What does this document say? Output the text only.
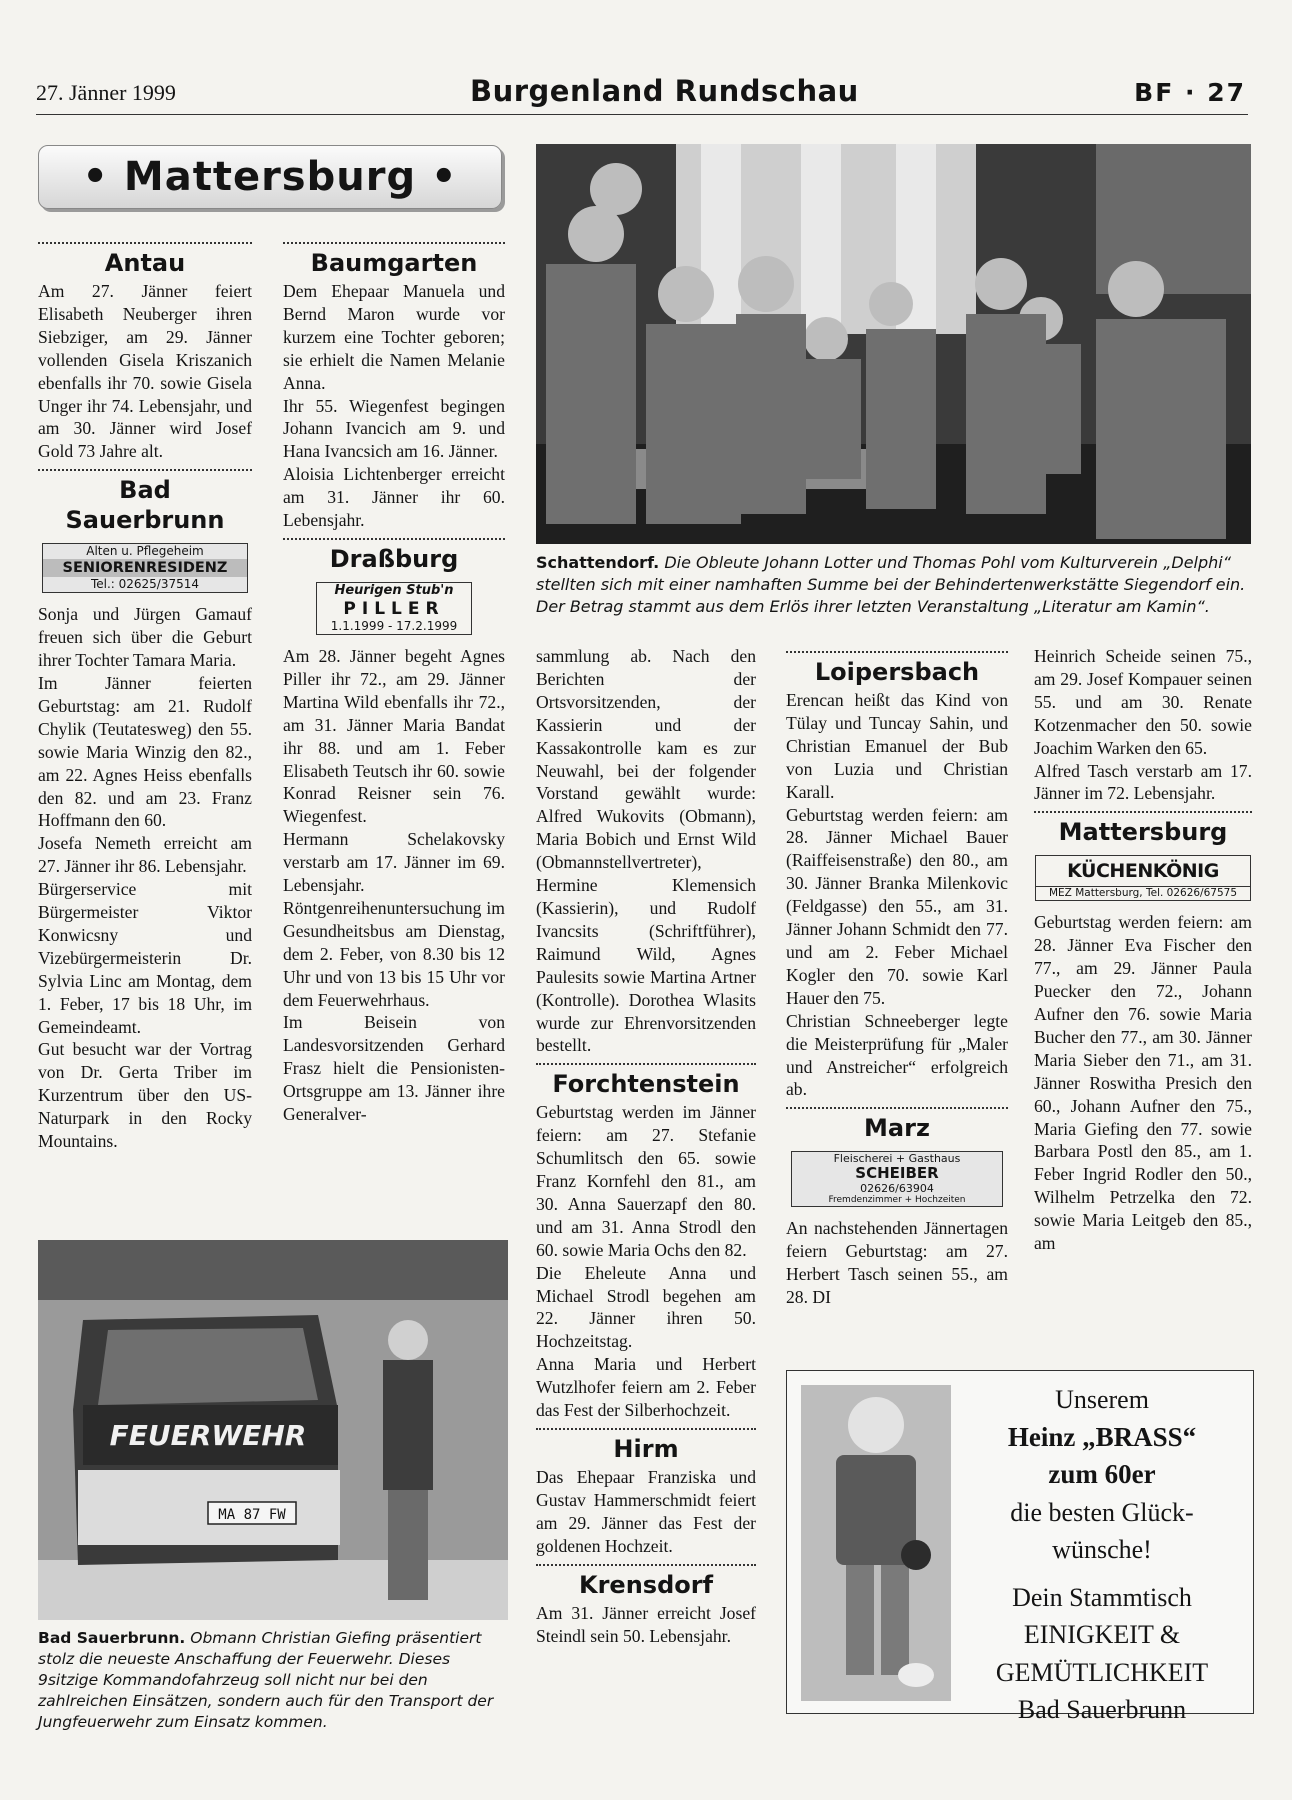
27. Jänner 1999	Burgenland Rundschau	BF · 27
• Mattersburg •
Antau

Am 27. Jänner feiert Elisabeth Neuberger ihren Siebziger, am 29. Jänner vollenden Gisela Kriszanich ebenfalls ihr 70. sowie Gisela Unger ihr 74. Lebensjahr, und am 30. Jänner wird Josef Gold 73 Jahre alt.

Bad Sauerbrunn
Alten u. Pflegeheim
SENIORENRESIDENZ
Tel.: 02625/37514

Sonja und Jürgen Gamauf freuen sich über die Geburt ihrer Tochter Tamara Maria.

Im Jänner feierten Geburtstag: am 21. Rudolf Chylik (Teutatesweg) den 55. sowie Maria Winzig den 82., am 22. Agnes Heiss ebenfalls den 82. und am 23. Franz Hoffmann den 60.

Josefa Nemeth erreicht am 27. Jänner ihr 86. Lebensjahr.

Bürgerservice mit Bürgermeister Viktor Konwicsny und Vizebürgermeisterin Dr. Sylvia Linc am Montag, dem 1. Feber, 17 bis 18 Uhr, im Gemeindeamt.

Gut besucht war der Vortrag von Dr. Gerta Triber im Kurzentrum über den US-Naturpark in den Rocky Mountains.

Baumgarten

Dem Ehepaar Manuela und Bernd Maron wurde vor kurzem eine Tochter geboren; sie erhielt die Namen Melanie Anna.

Ihr 55. Wiegenfest begingen Johann Ivancich am 9. und Hana Ivancsich am 16. Jänner.

Aloisia Lichtenberger erreicht am 31. Jänner ihr 60. Lebensjahr.

Draßburg
Heurigen Stub'n
PILLER
1.1.1999 - 17.2.1999

Am 28. Jänner begeht Agnes Piller ihr 72., am 29. Jänner Martina Wild ebenfalls ihr 72., am 31. Jänner Maria Bandat ihr 88. und am 1. Feber Elisabeth Teutsch ihr 60. sowie Konrad Reisner sein 76. Wiegenfest.

Hermann Schelakovsky verstarb am 17. Jänner im 69. Lebensjahr.

Röntgenreihenuntersuchung im Gesundheitsbus am Dienstag, dem 2. Feber, von 8.30 bis 12 Uhr und von 13 bis 15 Uhr vor dem Feuerwehrhaus.

Im Beisein von Landesvorsitzenden Gerhard Frasz hielt die Pensionisten-Ortsgruppe am 13. Jänner ihre Generalver-

Schattendorf. Die Obleute Johann Lotter und Thomas Pohl vom Kulturverein „Delphi“ stellten sich mit einer namhaften Summe bei der Behindertenwerkstätte Siegendorf ein. Der Betrag stammt aus dem Erlös ihrer letzten Veranstaltung „Literatur am Kamin“.

sammlung ab. Nach den Berichten der Ortsvorsitzenden, der Kassierin und der Kassakontrolle kam es zur Neuwahl, bei der folgender Vorstand gewählt wurde: Alfred Wukovits (Obmann), Maria Bobich und Ernst Wild (Obmannstellvertreter), Hermine Klemensich (Kassierin), und Rudolf Ivancsits (Schriftführer), Raimund Wild, Agnes Paulesits sowie Martina Artner (Kontrolle). Dorothea Wlasits wurde zur Ehrenvorsitzenden bestellt.

Forchtenstein

Geburtstag werden im Jänner feiern: am 27. Stefanie Schumlitsch den 65. sowie Franz Kornfehl den 81., am 30. Anna Sauerzapf den 80. und am 31. Anna Strodl den 60. sowie Maria Ochs den 82.

Die Eheleute Anna und Michael Strodl begehen am 22. Jänner ihren 50. Hochzeitstag.

Anna Maria und Herbert Wutzlhofer feiern am 2. Feber das Fest der Silberhochzeit.

Hirm

Das Ehepaar Franziska und Gustav Hammerschmidt feiert am 29. Jänner das Fest der goldenen Hochzeit.

Krensdorf

Am 31. Jänner erreicht Josef Steindl sein 50. Lebensjahr.

Loipersbach

Erencan heißt das Kind von Tülay und Tuncay Sahin, und Christian Emanuel der Bub von Luzia und Christian Karall.

Geburtstag werden feiern: am 28. Jänner Michael Bauer (Raiffeisenstraße) den 80., am 30. Jänner Branka Milenkovic (Feldgasse) den 55., am 31. Jänner Johann Schmidt den 77. und am 2. Feber Michael Kogler den 70. sowie Karl Hauer den 75.

Christian Schneeberger legte die Meisterprüfung für „Maler und Anstreicher“ erfolgreich ab.

Marz
Fleischerei + Gasthaus
SCHEIBER
02626/63904
Fremdenzimmer + Hochzeiten

An nachstehenden Jännertagen feiern Geburtstag: am 27. Herbert Tasch seinen 55., am 28. DI

Heinrich Scheide seinen 75., am 29. Josef Kompauer seinen 55. und am 30. Renate Kotzenmacher den 50. sowie Joachim Warken den 65.

Alfred Tasch verstarb am 17. Jänner im 72. Lebensjahr.

Mattersburg
KÜCHENKÖNIG
MEZ Mattersburg, Tel. 02626/67575

Geburtstag werden feiern: am 28. Jänner Eva Fischer den 77., am 29. Jänner Paula Puecker den 72., Johann Aufner den 76. sowie Maria Bucher den 77., am 30. Jänner Maria Sieber den 71., am 31. Jänner Roswitha Presich den 60., Johann Aufner den 75., Maria Giefing den 77. sowie Barbara Postl den 85., am 1. Feber Ingrid Rodler den 50., Wilhelm Petrzelka den 72. sowie Maria Leitgeb den 85., am

MA 87 FW
FEUERWEHR
Bad Sauerbrunn. Obmann Christian Giefing präsentiert stolz die neueste Anschaffung der Feuerwehr. Dieses 9sitzige Kommandofahrzeug soll nicht nur bei den zahlreichen Einsätzen, sondern auch für den Transport der Jungfeuerwehr zum Einsatz kommen.
Unserem
Heinz „BRASS“
zum 60er
die besten Glück-
wünsche!
Dein Stammtisch
EINIGKEIT &
GEMÜTLICHKEIT
Bad Sauerbrunn
